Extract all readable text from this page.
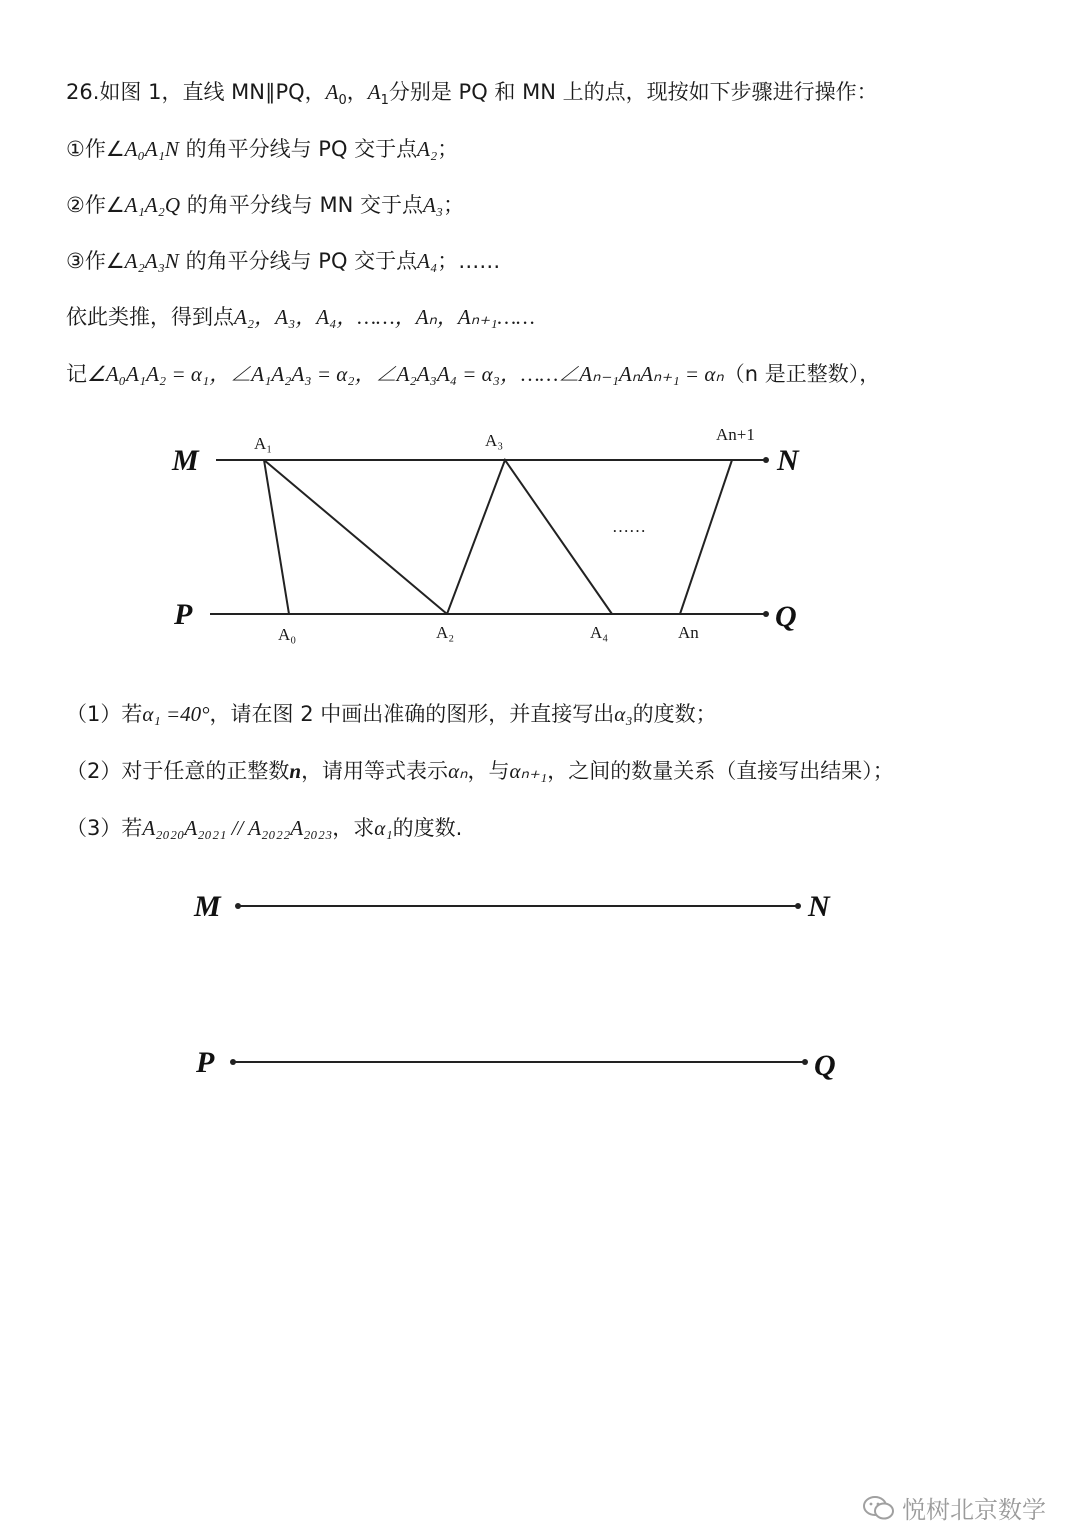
26.如图 1，直线 MN∥PQ，$A_0$，$A_1$分别是 PQ 和 MN 上的点，现按如下步骤进行操作：

①作∠A₀A₁N 的角平分线与 PQ 交于点A₂；

②作∠A₁A₂Q 的角平分线与 MN 交于点A₃；

③作∠A₂A₃N 的角平分线与 PQ 交于点A₄；……

依此类推，得到点A₂，A₃，A₄，……，Aₙ，Aₙ₊₁……

记∠A₀A₁A₂ = α₁，∠A₁A₂A₃ = α₂，∠A₂A₃A₄ = α₃，……∠Aₙ₋₁AₙAₙ₊₁ = αₙ（n 是正整数），

M	N
P	Q
A₁	A₃	An+1
A₀	A₂	A₄	An
……

（1）若α₁ =40°，请在图 2 中画出准确的图形，并直接写出α₃的度数；

（2）对于任意的正整数n，请用等式表示αₙ，与αₙ₊₁，之间的数量关系（直接写出结果）；

（3）若A₂₀₂₀A₂₀₂₁ // A₂₀₂₂A₂₀₂₃，求α₁的度数.

M	N
P	Q
悦树北京数学
